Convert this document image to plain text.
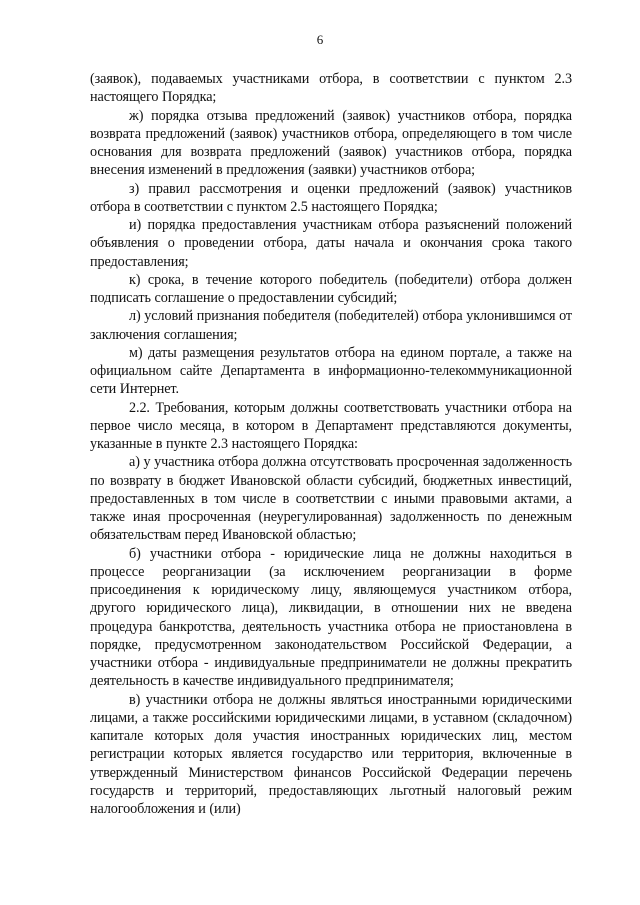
6

(заявок), подаваемых участниками отбора, в соответствии с пунктом 2.3 настоящего Порядка;

ж) порядка отзыва предложений (заявок) участников отбора, порядка возврата предложений (заявок) участников отбора, определяющего в том числе основания для возврата предложений (заявок) участников отбора, порядка внесения изменений в предложения (заявки) участников отбора;

з) правил рассмотрения и оценки предложений (заявок) участников отбора в соответствии с пунктом 2.5 настоящего Порядка;

и) порядка предоставления участникам отбора разъяснений положений объявления о проведении отбора, даты начала и окончания срока такого предоставления;

к) срока, в течение которого победитель (победители) отбора должен подписать соглашение о предоставлении субсидий;

л) условий признания победителя (победителей) отбора уклонившимся от заключения соглашения;

м) даты размещения результатов отбора на едином портале, а также на официальном сайте Департамента в информационно-телекоммуникационной сети Интернет.

2.2. Требования, которым должны соответствовать участники отбора на первое число месяца, в котором в Департамент представляются документы, указанные в пункте 2.3 настоящего Порядка:

а) у участника отбора должна отсутствовать просроченная задолженность по возврату в бюджет Ивановской области субсидий, бюджетных инвестиций, предоставленных в том числе в соответствии с иными правовыми актами, а также иная просроченная (неурегулированная) задолженность по денежным обязательствам перед Ивановской областью;

б) участники отбора - юридические лица не должны находиться в процессе реорганизации (за исключением реорганизации в форме присоединения к юридическому лицу, являющемуся участником отбора, другого юридического лица), ликвидации, в отношении них не введена процедура банкротства, деятельность участника отбора не приостановлена в порядке, предусмотренном законодательством Российской Федерации, а участники отбора - индивидуальные предприниматели не должны прекратить деятельность в качестве индивидуального предпринимателя;

в) участники отбора не должны являться иностранными юридическими лицами, а также российскими юридическими лицами, в уставном (складочном) капитале которых доля участия иностранных юридических лиц, местом регистрации которых является государство или территория, включенные в утвержденный Министерством финансов Российской Федерации перечень государств и территорий, предоставляющих льготный налоговый режим налогообложения и (или)
